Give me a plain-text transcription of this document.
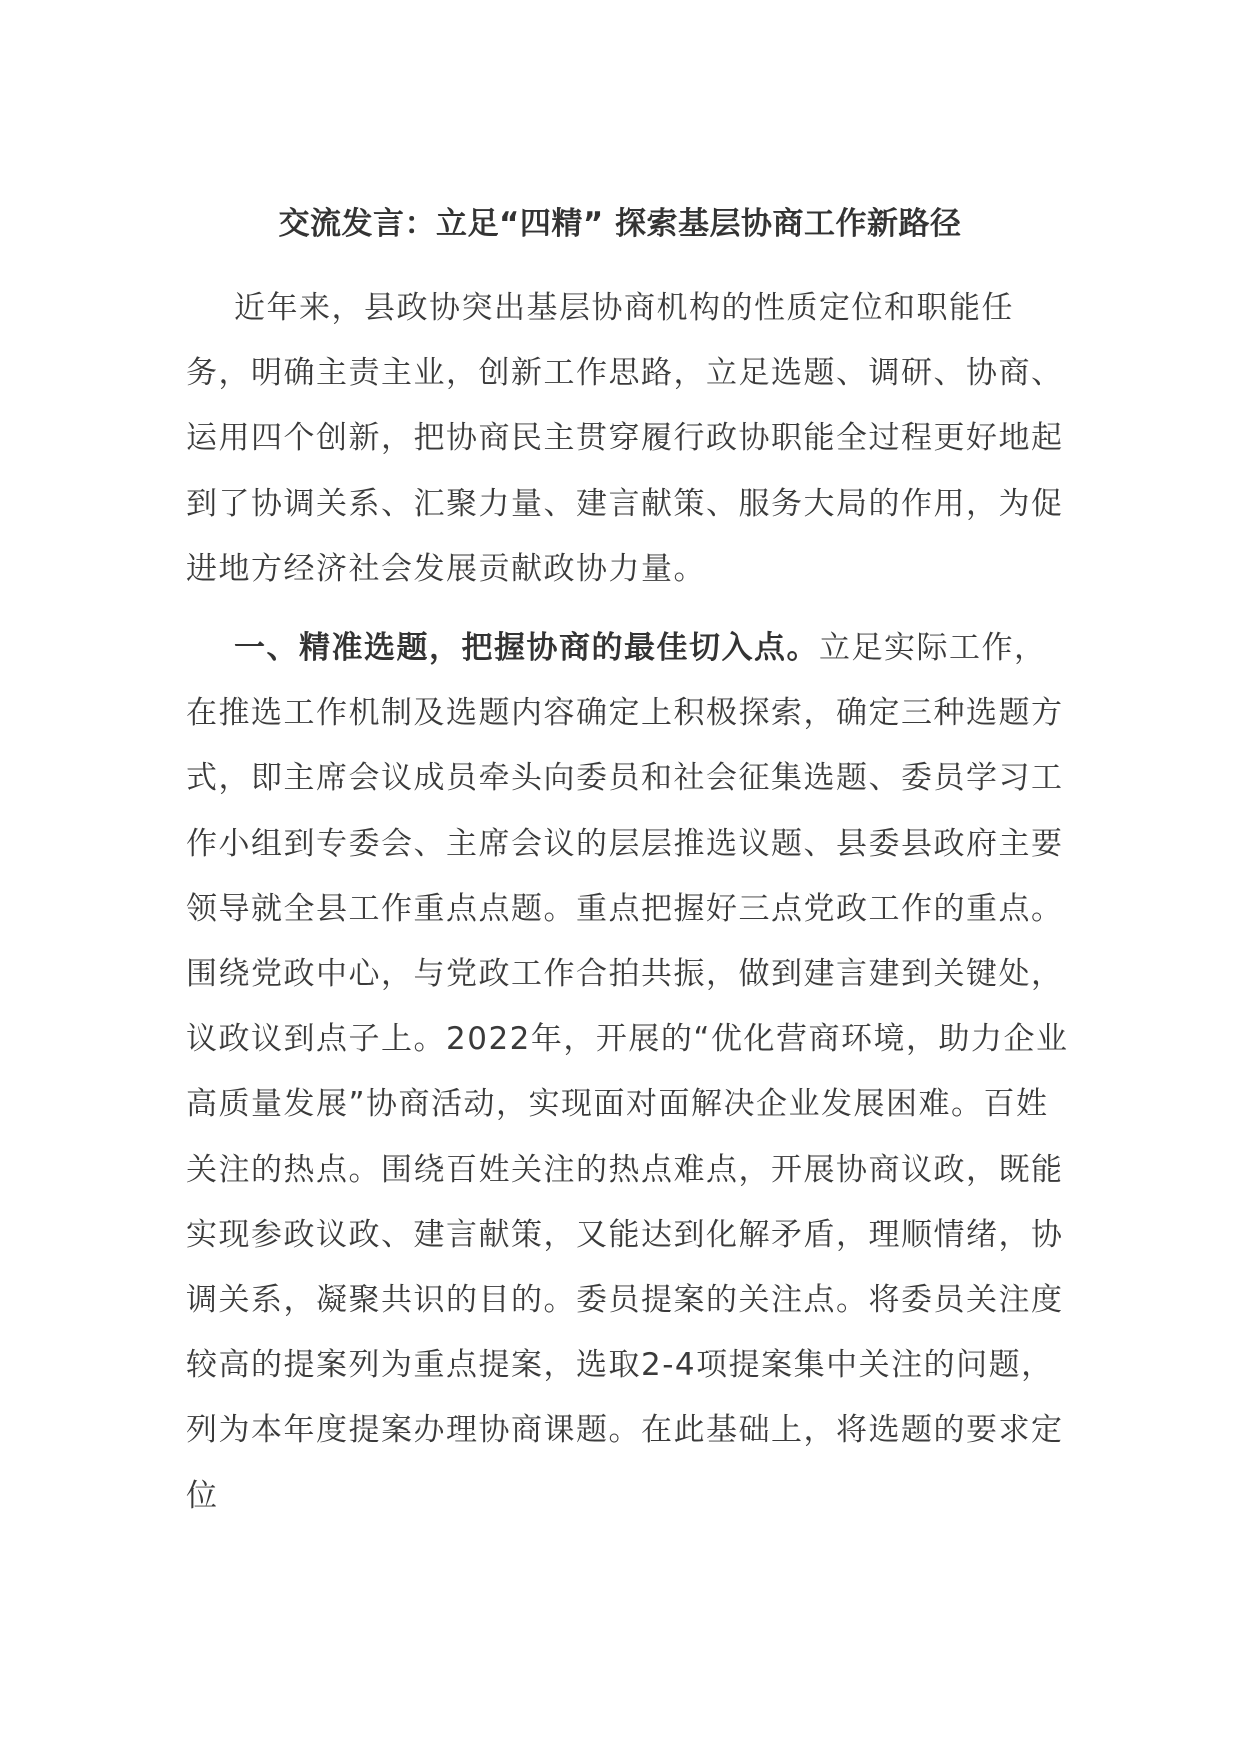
交流发言：立足“四精” 探索基层协商工作新路径

近年来，县政协突出基层协商机构的性质定位和职能任务，明确主责主业，创新工作思路，立足选题、调研、协商、运用四个创新，把协商民主贯穿履行政协职能全过程更好地起到了协调关系、汇聚力量、建言献策、服务大局的作用，为促进地方经济社会发展贡献政协力量。

一、精准选题，把握协商的最佳切入点。立足实际工作，在推选工作机制及选题内容确定上积极探索，确定三种选题方式，即主席会议成员牵头向委员和社会征集选题、委员学习工作小组到专委会、主席会议的层层推选议题、县委县政府主要领导就全县工作重点点题。重点把握好三点党政工作的重点。围绕党政中心，与党政工作合拍共振，做到建言建到关键处，议政议到点子上。2022年，开展的“优化营商环境，助力企业高质量发展”协商活动，实现面对面解决企业发展困难。百姓关注的热点。围绕百姓关注的热点难点，开展协商议政，既能实现参政议政、建言献策，又能达到化解矛盾，理顺情绪，协调关系，凝聚共识的目的。委员提案的关注点。将委员关注度较高的提案列为重点提案，选取2-4项提案集中关注的问题，列为本年度提案办理协商课题。在此基础上，将选题的要求定位
